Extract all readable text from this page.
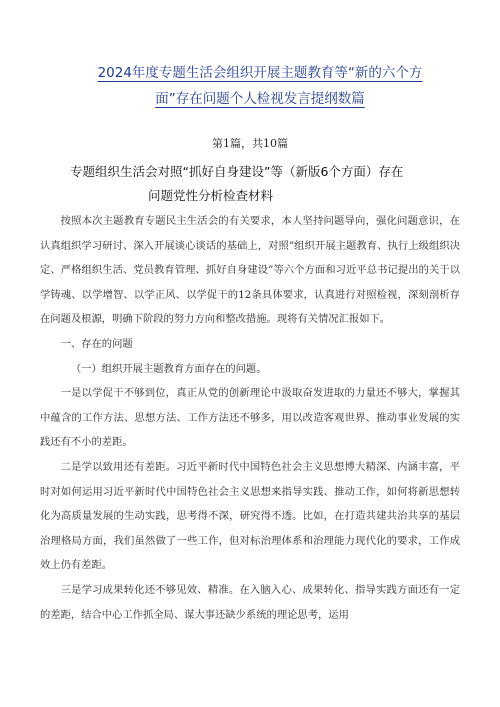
2024年度专题生活会组织开展主题教育等“新的六个方
面”存在问题个人检视发言提纲数篇
第1篇，共10篇
专题组织生活会对照“抓好自身建设”等（新版6个方面）存在
问题党性分析检查材料

按照本次主题教育专题民主生活会的有关要求，本人坚持问题导向，强化问题意识，在认真组织学习研讨、深入开展谈心谈话的基础上，对照”组织开展主题教育、执行上级组织决定、严格组织生活、党员教育管理、抓好自身建设”等六个方面和习近平总书记提出的关于以学铸魂、以学增智、以学正风、以学促干的12条具体要求，认真进行对照检视，深刻剖析存在问题及根源，明确下阶段的努力方向和整改措施。现将有关情况汇报如下。

一、存在的问题

（一）组织开展主题教育方面存在的问题。

一是以学促干不够到位，真正从党的创新理论中汲取奋发进取的力量还不够大，掌握其中蕴含的工作方法、思想方法、工作方法还不够多，用以改造客观世界、推动事业发展的实践还有不小的差距。

二是学以致用还有差距。习近平新时代中国特色社会主义思想博大精深、内涵丰富，平时对如何运用习近平新时代中国特色社会主义思想来指导实践、推动工作，如何将新思想转化为高质量发展的生动实践，思考得不深，研究得不透。比如，在打造共建共治共享的基层治理格局方面，我们虽然做了一些工作，但对标治理体系和治理能力现代化的要求，工作成效上仍有差距。

三是学习成果转化还不够见效、精准。在入脑入心、成果转化、指导实践方面还有一定的差距，结合中心工作抓全局、谋大事还缺少系统的理论思考，运用
